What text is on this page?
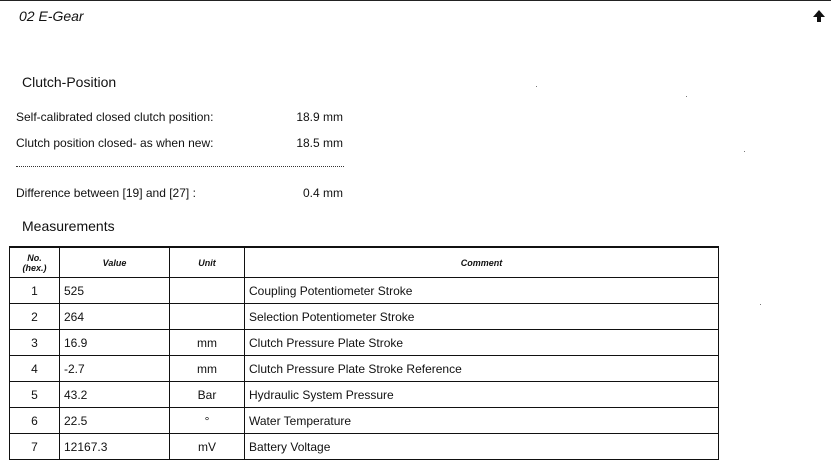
02 E-Gear
Clutch-Position
Self-calibrated closed clutch position:	18.9 mm
Clutch position closed- as when new:	18.5 mm
Difference between [19] and [27] :	0.4 mm
Measurements
No.
(hex.)	Value	Unit	Comment
1	525		Coupling Potentiometer Stroke
2	264		Selection Potentiometer Stroke
3	16.9	mm	Clutch Pressure Plate Stroke
4	-2.7	mm	Clutch Pressure Plate Stroke Reference
5	43.2	Bar	Hydraulic System Pressure
6	22.5	°	Water Temperature
7	12167.3	mV	Battery Voltage
